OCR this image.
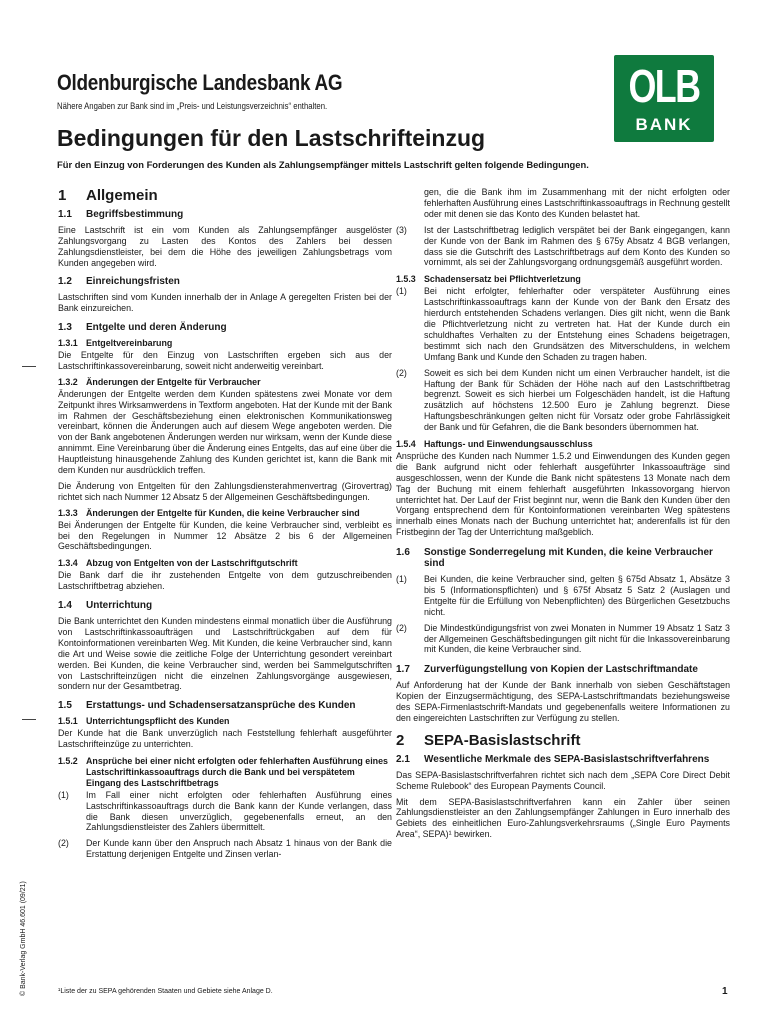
Oldenburgische Landesbank AG
Nähere Angaben zur Bank sind im „Preis- und Leistungsverzeichnis“ enthalten.	OLB
BANK
Bedingungen für den Lastschrifteinzug
Für den Einzug von Forderungen des Kunden als Zahlungsempfänger mittels Lastschrift gelten folgende Bedingungen.
1	Allgemein
1.1	Begriffsbestimmung

Eine Lastschrift ist ein vom Kunden als Zahlungsempfänger ausgelöster Zahlungsvorgang zu Lasten des Kontos des Zahlers bei dessen Zahlungsdienstleister, bei dem die Höhe des jeweiligen Zahlungsbetrags vom Kunden angegeben wird.

1.2	Einreichungsfristen

Lastschriften sind vom Kunden innerhalb der in Anlage A geregelten Fristen bei der Bank einzureichen.

1.3	Entgelte und deren Änderung
1.3.1 Entgeltvereinbarung

Die Entgelte für den Einzug von Lastschriften ergeben sich aus der Lastschriftinkassovereinbarung, soweit nicht anderweitig vereinbart.

1.3.2 Änderungen der Entgelte für Verbraucher

Änderungen der Entgelte werden dem Kunden spätestens zwei Monate vor dem Zeitpunkt ihres Wirksamwerdens in Textform angeboten. Hat der Kunde mit der Bank im Rahmen der Geschäftsbeziehung einen elektronischen Kommunikationsweg vereinbart, können die Änderungen auch auf diesem Wege angeboten werden. Die von der Bank angebotenen Änderungen werden nur wirksam, wenn der Kunde diese annimmt. Eine Vereinbarung über die Änderung eines Entgelts, das auf eine über die Hauptleistung hinausgehende Zahlung des Kunden gerichtet ist, kann die Bank mit dem Kunden nur ausdrücklich treffen.

Die Änderung von Entgelten für den Zahlungsdiensterahmenvertrag (Girovertrag) richtet sich nach Nummer 12 Absatz 5 der Allgemeinen Geschäftsbedingungen.

1.3.3 Änderungen der Entgelte für Kunden, die keine Verbraucher sind

Bei Änderungen der Entgelte für Kunden, die keine Verbraucher sind, verbleibt es bei den Regelungen in Nummer 12 Absätze 2 bis 6 der Allgemeinen Geschäftsbedingungen.

1.3.4 Abzug von Entgelten von der Lastschriftgutschrift

Die Bank darf die ihr zustehenden Entgelte von dem gutzuschreibenden Lastschriftbetrag abziehen.

1.4	Unterrichtung

Die Bank unterrichtet den Kunden mindestens einmal monatlich über die Ausführung von Lastschriftinkassoaufträgen und Lastschriftrückgaben auf dem für Kontoinformationen vereinbarten Weg. Mit Kunden, die keine Verbraucher sind, kann die Art und Weise sowie die zeitliche Folge der Unterrichtung gesondert vereinbart werden. Bei Kunden, die keine Verbraucher sind, werden bei Sammelgutschriften von Lastschrifteinzügen nicht die einzelnen Zahlungsvorgänge ausgewiesen, sondern nur der Gesamtbetrag.

1.5	Erstattungs- und Schadensersatzansprüche des Kunden
1.5.1 Unterrichtungspflicht des Kunden

Der Kunde hat die Bank unverzüglich nach Feststellung fehlerhaft ausgeführter Lastschrifteinzüge zu unterrichten.

1.5.2 Ansprüche bei einer nicht erfolgten oder fehlerhaften Ausführung eines Lastschriftinkassoauftrags durch die Bank und bei verspätetem Eingang des Lastschriftbetrags
(1)	Im Fall einer nicht erfolgten oder fehlerhaften Ausführung eines Lastschriftinkassoauftrags durch die Bank kann der Kunde verlangen, dass die Bank diesen unverzüglich, gegebenenfalls erneut, an den Zahlungsdienstleister des Zahlers übermittelt.
(2)	Der Kunde kann über den Anspruch nach Absatz 1 hinaus von der Bank die Erstattung derjenigen Entgelte und Zinsen verlan-
gen, die die Bank ihm im Zusammenhang mit der nicht erfolgten oder fehlerhaften Ausführung eines Lastschriftinkassoauftrags in Rechnung gestellt oder mit denen sie das Konto des Kunden belastet hat.
(3)	Ist der Lastschriftbetrag lediglich verspätet bei der Bank eingegangen, kann der Kunde von der Bank im Rahmen des § 675y Absatz 4 BGB verlangen, dass sie die Gutschrift des Lastschriftbetrags auf dem Konto des Kunden so vornimmt, als sei der Zahlungsvorgang ordnungsgemäß ausgeführt worden.
1.5.3 Schadensersatz bei Pflichtverletzung
(1)	Bei nicht erfolgter, fehlerhafter oder verspäteter Ausführung eines Lastschriftinkassoauftrags kann der Kunde von der Bank den Ersatz des hierdurch entstehenden Schadens verlangen. Dies gilt nicht, wenn die Bank die Pflichtverletzung nicht zu vertreten hat. Hat der Kunde durch ein schuldhaftes Verhalten zu der Entstehung eines Schadens beigetragen, bestimmt sich nach den Grundsätzen des Mitverschuldens, in welchem Umfang Bank und Kunde den Schaden zu tragen haben.
(2)	Soweit es sich bei dem Kunden nicht um einen Verbraucher handelt, ist die Haftung der Bank für Schäden der Höhe nach auf den Lastschriftbetrag begrenzt. Soweit es sich hierbei um Folgeschäden handelt, ist die Haftung zusätzlich auf höchstens 12.500 Euro je Zahlung begrenzt. Diese Haftungsbeschränkungen gelten nicht für Vorsatz oder grobe Fahrlässigkeit der Bank und für Gefahren, die die Bank besonders übernommen hat.
1.5.4 Haftungs- und Einwendungsausschluss

Ansprüche des Kunden nach Nummer 1.5.2 und Einwendungen des Kunden gegen die Bank aufgrund nicht oder fehlerhaft ausgeführter Inkassoaufträge sind ausgeschlossen, wenn der Kunde die Bank nicht spätestens 13 Monate nach dem Tag der Buchung mit einem fehlerhaft ausgeführten Inkassovorgang hiervon unterrichtet hat. Der Lauf der Frist beginnt nur, wenn die Bank den Kunden über den Vorgang entsprechend dem für Kontoinformationen vereinbarten Weg spätestens innerhalb eines Monats nach der Buchung unterrichtet hat; anderenfalls ist für den Fristbeginn der Tag der Unterrichtung maßgeblich.

1.6	Sonstige Sonderregelung mit Kunden, die keine Verbraucher sind
(1)	Bei Kunden, die keine Verbraucher sind, gelten § 675d Absatz 1, Absätze 3 bis 5 (Informationspflichten) und § 675f Absatz 5 Satz 2 (Auslagen und Entgelte für die Erfüllung von Nebenpflichten) des Bürgerlichen Gesetzbuchs nicht.
(2)	Die Mindestkündigungsfrist von zwei Monaten in Nummer 19 Absatz 1 Satz 3 der Allgemeinen Geschäftsbedingungen gilt nicht für die Inkassovereinbarung mit Kunden, die keine Verbraucher sind.
1.7	Zurverfügungstellung von Kopien der Lastschriftmandate

Auf Anforderung hat der Kunde der Bank innerhalb von sieben Geschäftstagen Kopien der Einzugsermächtigung, des SEPA-Lastschriftmandats beziehungsweise des SEPA-Firmenlastschrift-Mandats und gegebenenfalls weitere Informationen zu den eingereichten Lastschriften zur Verfügung zu stellen.

2	SEPA-Basislastschrift
2.1	Wesentliche Merkmale des SEPA-Basislastschriftverfahrens

Das SEPA-Basislastschriftverfahren richtet sich nach dem „SEPA Core Direct Debit Scheme Rulebook“ des European Payments Council.

Mit dem SEPA-Basislastschriftverfahren kann ein Zahler über seinen Zahlungsdienstleister an den Zahlungsempfänger Zahlungen in Euro innerhalb des Gebiets des einheitlichen Euro-Zahlungsverkehrsraums („Single Euro Payments Area“, SEPA)¹ bewirken.

¹Liste der zu SEPA gehörenden Staaten und Gebiete siehe Anlage D.	1
© Bank-Verlag GmbH 46.601 (09/21)
